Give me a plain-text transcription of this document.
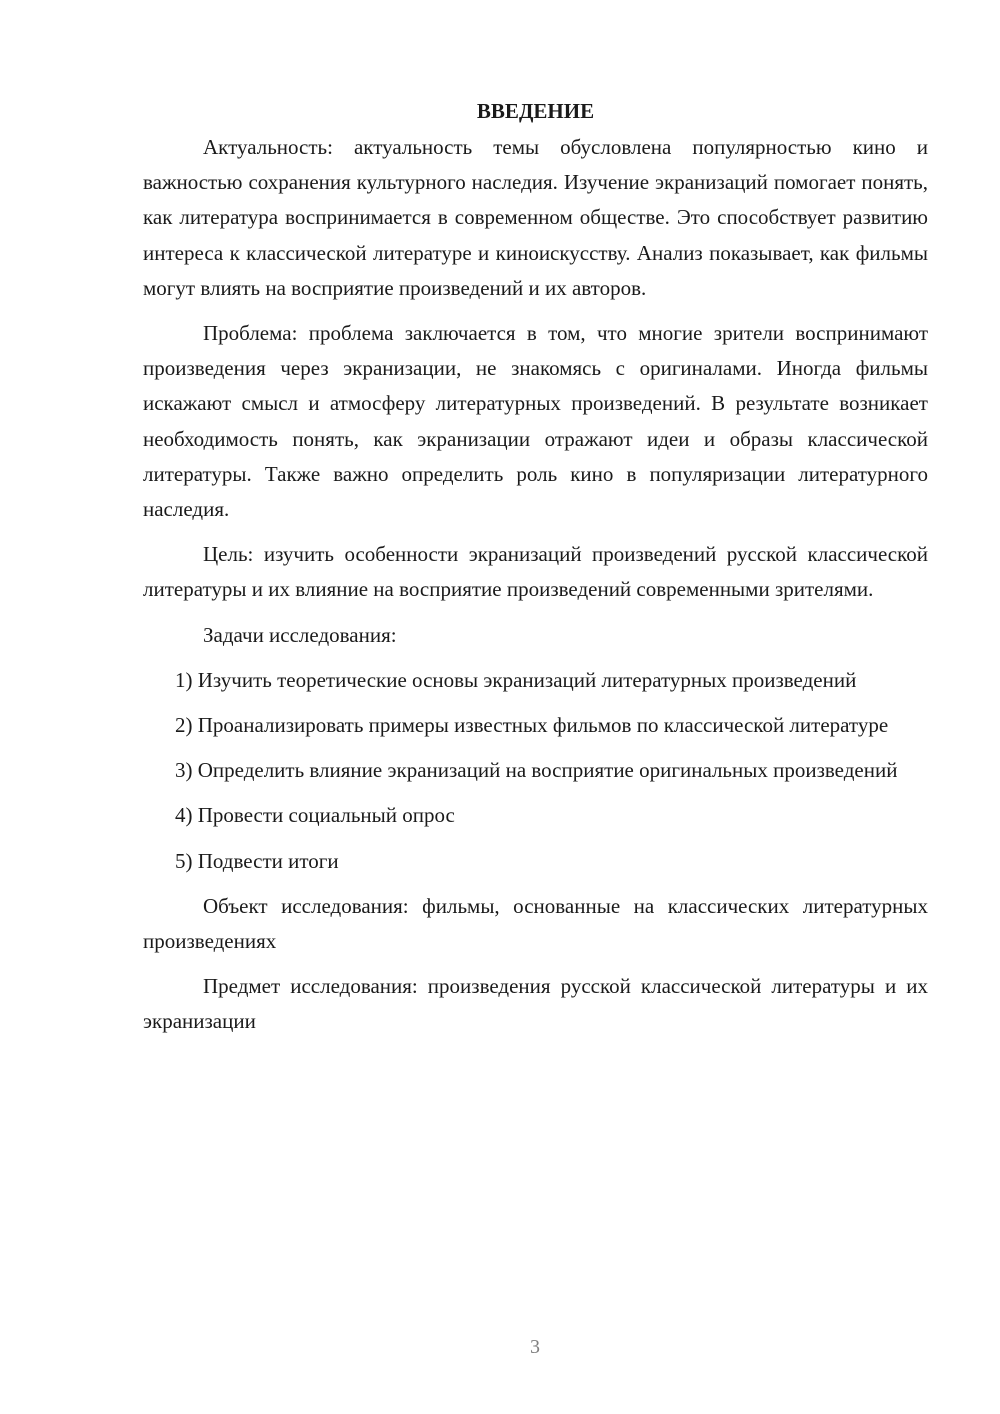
ВВЕДЕНИЕ

Актуальность: актуальность темы обусловлена популярностью кино и важностью сохранения культурного наследия. Изучение экранизаций помогает понять, как литература воспринимается в современном обществе. Это способствует развитию интереса к классической литературе и киноискусству. Анализ показывает, как фильмы могут влиять на восприятие произведений и их авторов.

Проблема: проблема заключается в том, что многие зрители воспринимают произведения через экранизации, не знакомясь с оригиналами. Иногда фильмы искажают смысл и атмосферу литературных произведений. В результате возникает необходимость понять, как экранизации отражают идеи и образы классической литературы. Также важно определить роль кино в популяризации литературного наследия.

Цель: изучить особенности экранизаций произведений русской классической литературы и их влияние на восприятие произведений современными зрителями.

Задачи исследования:

1) Изучить теоретические основы экранизаций литературных произведений

2) Проанализировать примеры известных фильмов по классической литературе

3) Определить влияние экранизаций на восприятие оригинальных произведений

4) Провести социальный опрос

5) Подвести итоги

Объект исследования: фильмы, основанные на классических литературных произведениях

Предмет исследования: произведения русской классической литературы и их экранизации

3
